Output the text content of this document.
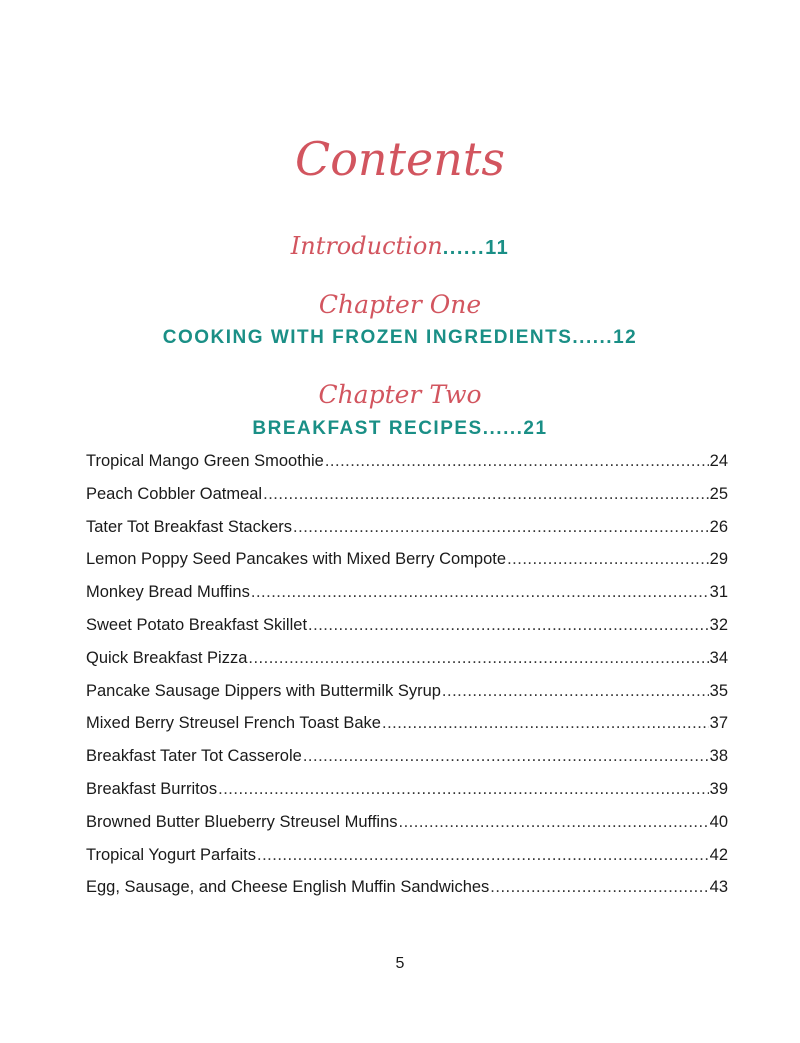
Contents
Introduction......11
Chapter One
COOKING WITH FROZEN INGREDIENTS......12
Chapter Two
BREAKFAST RECIPES......21
Tropical Mango Green Smoothie .....	24
Peach Cobbler Oatmeal .....	25
Tater Tot Breakfast Stackers .....	26
Lemon Poppy Seed Pancakes with Mixed Berry Compote .....	29
Monkey Bread Muffins .....	31
Sweet Potato Breakfast Skillet .....	32
Quick Breakfast Pizza .....	34
Pancake Sausage Dippers with Buttermilk Syrup .....	35
Mixed Berry Streusel French Toast Bake .....	37
Breakfast Tater Tot Casserole .....	38
Breakfast Burritos .....	39
Browned Butter Blueberry Streusel Muffins .....	40
Tropical Yogurt Parfaits .....	42
Egg, Sausage, and Cheese English Muffin Sandwiches .....	43
5
